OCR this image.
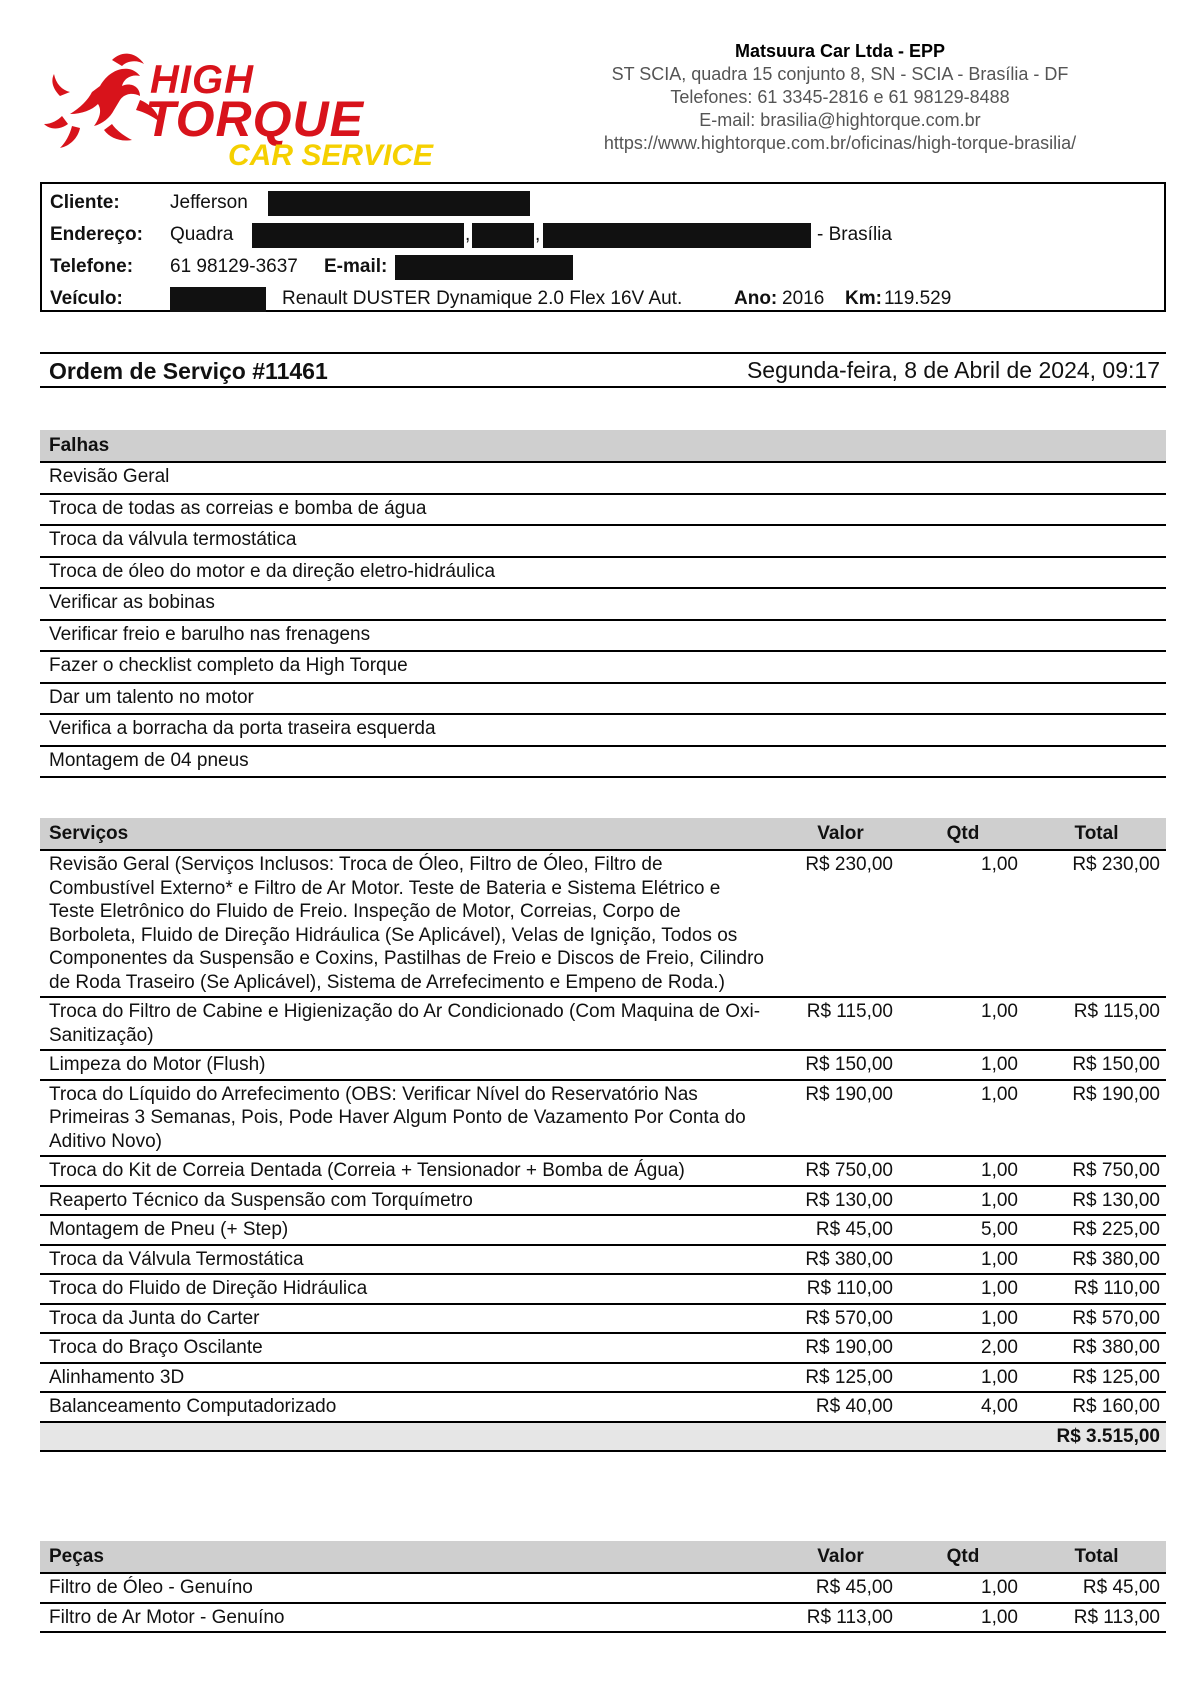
HIGH
TORQUE
CAR SERVICE
Matsuura Car Ltda - EPP
ST SCIA, quadra 15 conjunto 8, SN - SCIA - Brasília - DF
Telefones: 61 3345-2816 e 61 98129-8488
E-mail: brasilia@hightorque.com.br
https://www.hightorque.com.br/oficinas/high-torque-brasilia/
Cliente:	Jefferson
Endereço: Quadra	,	,	- Brasília
Telefone: 61 98129-3637 E-mail:
Veículo:	Renault DUSTER Dynamique 2.0 Flex 16V Aut.	Ano: 2016 Km: 119.529
Ordem de Serviço #11461	Segunda-feira, 8 de Abril de 2024, 09:17
Falhas
Revisão Geral
Troca de todas as correias e bomba de água
Troca da válvula termostática
Troca de óleo do motor e da direção eletro-hidráulica
Verificar as bobinas
Verificar freio e barulho nas frenagens
Fazer o checklist completo da High Torque
Dar um talento no motor
Verifica a borracha da porta traseira esquerda
Montagem de 04 pneus
Serviços	Valor	Qtd	Total
Revisão Geral (Serviços Inclusos: Troca de Óleo, Filtro de Óleo, Filtro de Combustível Externo* e Filtro de Ar Motor. Teste de Bateria e Sistema Elétrico e Teste Eletrônico do Fluido de Freio. Inspeção de Motor, Correias, Corpo de Borboleta, Fluido de Direção Hidráulica (Se Aplicável), Velas de Ignição, Todos os Componentes da Suspensão e Coxins, Pastilhas de Freio e Discos de Freio, Cilindro de Roda Traseiro (Se Aplicável), Sistema de Arrefecimento e Empeno de Roda.)	R$ 230,00	1,00	R$ 230,00
Troca do Filtro de Cabine e Higienização do Ar Condicionado (Com Maquina de Oxi-Sanitização)	R$ 115,00	1,00	R$ 115,00
Limpeza do Motor (Flush)	R$ 150,00	1,00	R$ 150,00
Troca do Líquido do Arrefecimento (OBS: Verificar Nível do Reservatório Nas Primeiras 3 Semanas, Pois, Pode Haver Algum Ponto de Vazamento Por Conta do Aditivo Novo)	R$ 190,00	1,00	R$ 190,00
Troca do Kit de Correia Dentada (Correia + Tensionador + Bomba de Água)	R$ 750,00	1,00	R$ 750,00
Reaperto Técnico da Suspensão com Torquímetro	R$ 130,00	1,00	R$ 130,00
Montagem de Pneu (+ Step)	R$ 45,00	5,00	R$ 225,00
Troca da Válvula Termostática	R$ 380,00	1,00	R$ 380,00
Troca do Fluido de Direção Hidráulica	R$ 110,00	1,00	R$ 110,00
Troca da Junta do Carter	R$ 570,00	1,00	R$ 570,00
Troca do Braço Oscilante	R$ 190,00	2,00	R$ 380,00
Alinhamento 3D	R$ 125,00	1,00	R$ 125,00
Balanceamento Computadorizado	R$ 40,00	4,00	R$ 160,00
			R$ 3.515,00
Peças	Valor	Qtd	Total
Filtro de Óleo - Genuíno	R$ 45,00	1,00	R$ 45,00
Filtro de Ar Motor - Genuíno	R$ 113,00	1,00	R$ 113,00
